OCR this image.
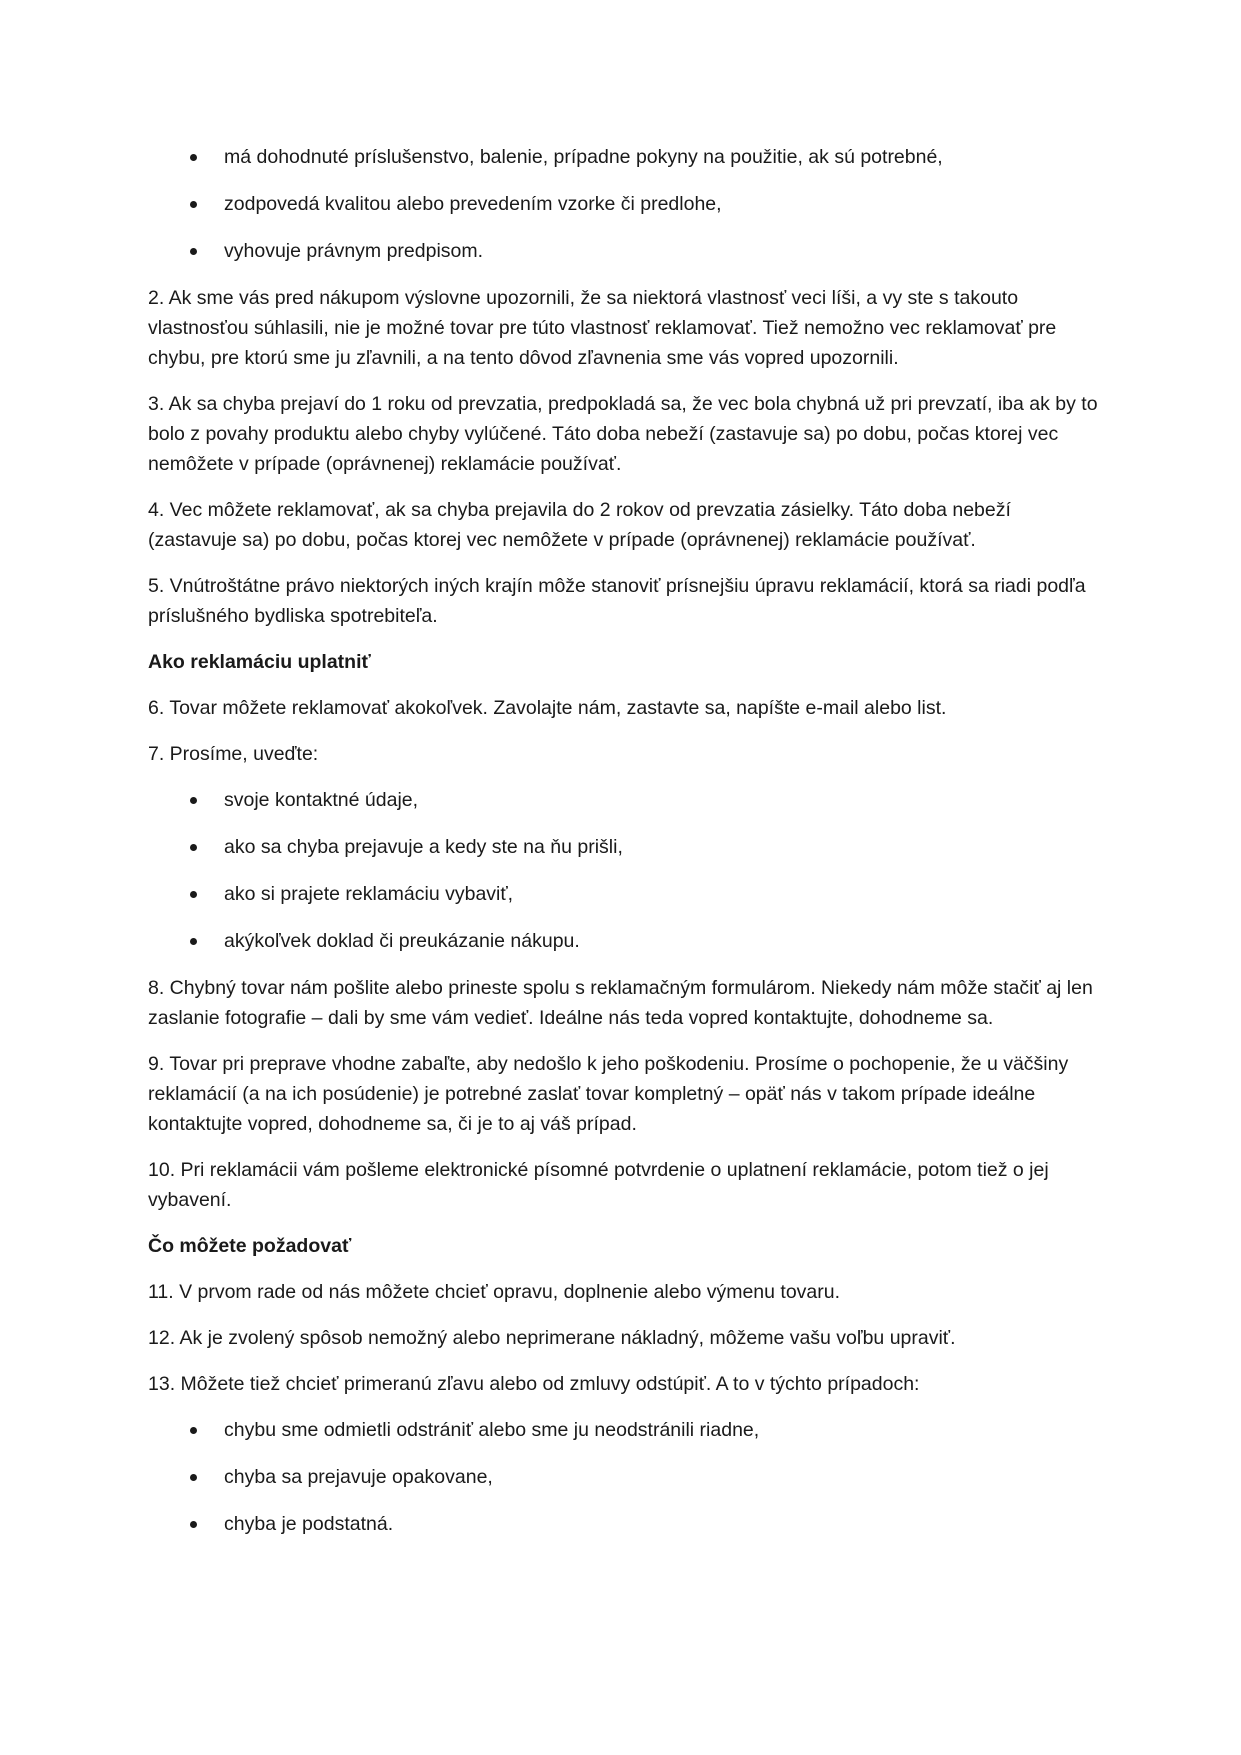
má dohodnuté príslušenstvo, balenie, prípadne pokyny na použitie, ak sú potrebné,
zodpovedá kvalitou alebo prevedením vzorke či predlohe,
vyhovuje právnym predpisom.

2. Ak sme vás pred nákupom výslovne upozornili, že sa niektorá vlastnosť veci líši, a vy ste s takouto vlastnosťou súhlasili, nie je možné tovar pre túto vlastnosť reklamovať. Tiež nemožno vec reklamovať pre chybu, pre ktorú sme ju zľavnili, a na tento dôvod zľavnenia sme vás vopred upozornili.

3. Ak sa chyba prejaví do 1 roku od prevzatia, predpokladá sa, že vec bola chybná už pri prevzatí, iba ak by to bolo z povahy produktu alebo chyby vylúčené. Táto doba nebeží (zastavuje sa) po dobu, počas ktorej vec nemôžete v prípade (oprávnenej) reklamácie používať.

4. Vec môžete reklamovať, ak sa chyba prejavila do 2 rokov od prevzatia zásielky. Táto doba nebeží (zastavuje sa) po dobu, počas ktorej vec nemôžete v prípade (oprávnenej) reklamácie používať.

5. Vnútroštátne právo niektorých iných krajín môže stanoviť prísnejšiu úpravu reklamácií, ktorá sa riadi podľa príslušného bydliska spotrebiteľa.

Ako reklamáciu uplatniť

6. Tovar môžete reklamovať akokoľvek. Zavolajte nám, zastavte sa, napíšte e-mail alebo list.

7. Prosíme, uveďte:

svoje kontaktné údaje,
ako sa chyba prejavuje a kedy ste na ňu prišli,
ako si prajete reklamáciu vybaviť,
akýkoľvek doklad či preukázanie nákupu.

8. Chybný tovar nám pošlite alebo prineste spolu s reklamačným formulárom. Niekedy nám môže stačiť aj len zaslanie fotografie – dali by sme vám vedieť. Ideálne nás teda vopred kontaktujte, dohodneme sa.

9. Tovar pri preprave vhodne zabaľte, aby nedošlo k jeho poškodeniu. Prosíme o pochopenie, že u väčšiny reklamácií (a na ich posúdenie) je potrebné zaslať tovar kompletný – opäť nás v takom prípade ideálne kontaktujte vopred, dohodneme sa, či je to aj váš prípad.

10. Pri reklamácii vám pošleme elektronické písomné potvrdenie o uplatnení reklamácie, potom tiež o jej vybavení.

Čo môžete požadovať

11. V prvom rade od nás môžete chcieť opravu, doplnenie alebo výmenu tovaru.

12. Ak je zvolený spôsob nemožný alebo neprimerane nákladný, môžeme vašu voľbu upraviť.

13. Môžete tiež chcieť primeranú zľavu alebo od zmluvy odstúpiť. A to v týchto prípadoch:

chybu sme odmietli odstrániť alebo sme ju neodstránili riadne,
chyba sa prejavuje opakovane,
chyba je podstatná.
